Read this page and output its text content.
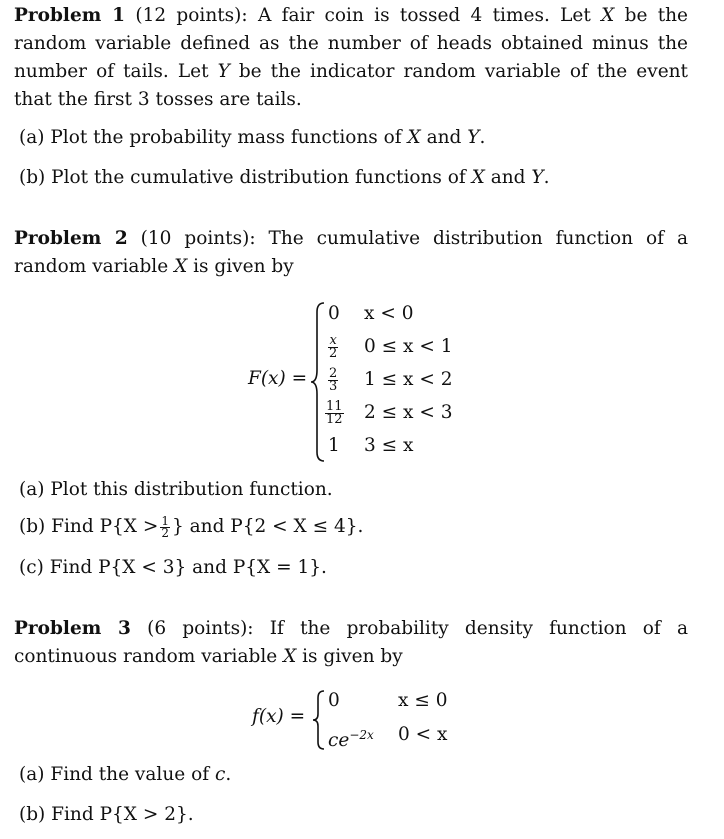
Problem 1 (12 points): A fair coin is tossed 4 times. Let X be the random variable defined as the number of heads obtained minus the number of tails. Let Y be the indicator random variable of the event that the first 3 tosses are tails.
(a) Plot the probability mass functions of X and Y.
(b) Plot the cumulative distribution functions of X and Y.
Problem 2 (10 points): The cumulative distribution function of a random variable X is given by
F(x) =
0 x < 0
$\frac{x}{2} 0 \le x < 1$
$\frac{2}{3} 1 \le x < 2$
$\frac{11}{12} 2 \le x < 3$
1 3 ≤ x
(a) Plot this distribution function.
(b) Find $P\{X > \frac{1}{2}$ } and P{2 < X ≤ 4}.
(c) Find P{X < 3} and P{X = 1}.
Problem 3 (6 points): If the probability density function of a continuous random variable X is given by
f(x) =
0	x ≤ 0
$ce^{-2x}$ 0 < x
(a) Find the value of c.
(b) Find P{X > 2}.
